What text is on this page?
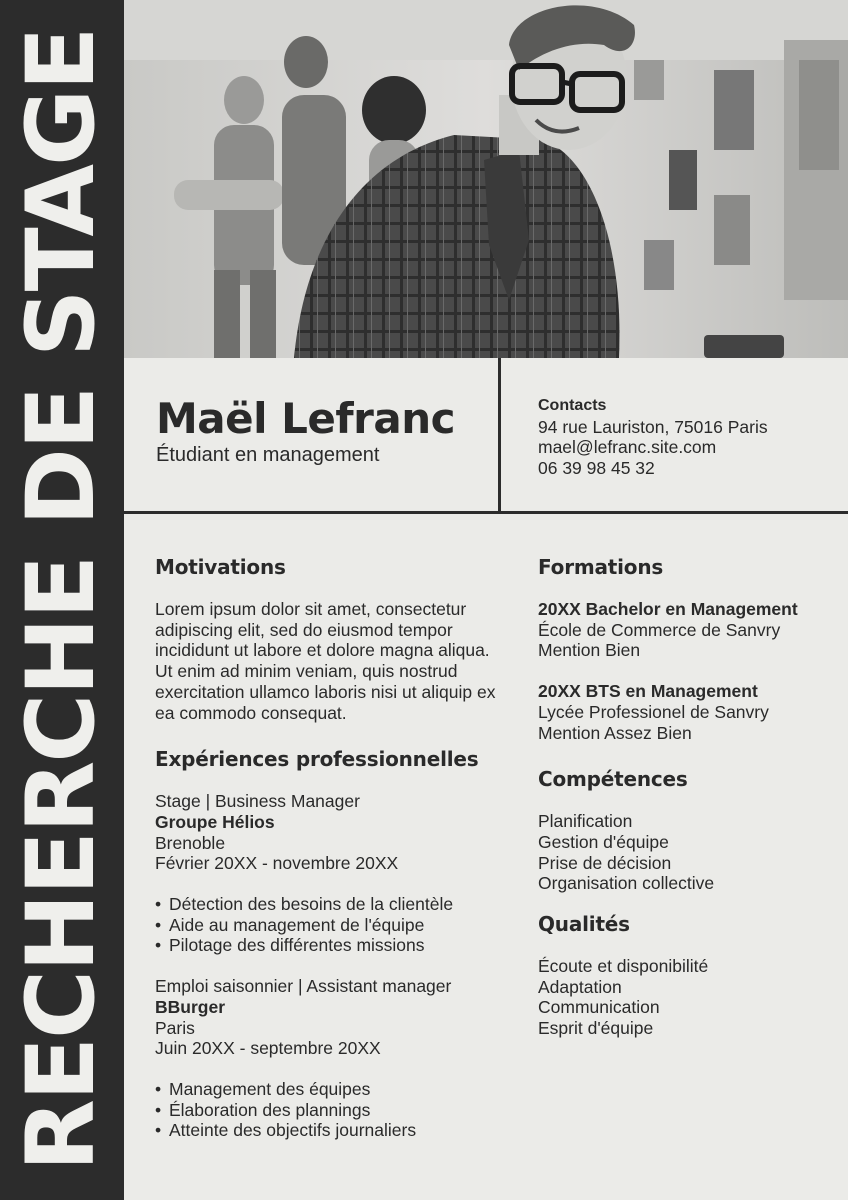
RECHERCHE DE STAGE Maël Lefranc
Étudiant en management
Contacts
94 rue Lauriston, 75016 Paris
mael@lefranc.site.com
06 39 98 45 32
Motivations

Lorem ipsum dolor sit amet, consectetur adipiscing elit, sed do eiusmod tempor incididunt ut labore et dolore magna aliqua. Ut enim ad minim veniam, quis nostrud exercitation ullamco laboris nisi ut aliquip ex ea commodo consequat.

Expériences professionnelles
Stage | Business Manager
Groupe Hélios
Brenoble
Février 20XX - novembre 20XX
• Détection des besoins de la clientèle
• Aide au management de l'équipe
• Pilotage des différentes missions
Emploi saisonnier | Assistant manager
BBurger
Paris
Juin 20XX - septembre 20XX
• Management des équipes
• Élaboration des plannings
• Atteinte des objectifs journaliers
Formations
20XX Bachelor en Management
École de Commerce de Sanvry
Mention Bien
20XX BTS en Management
Lycée Professionel de Sanvry
Mention Assez Bien
Compétences
Planification
Gestion d'équipe
Prise de décision
Organisation collective
Qualités
Écoute et disponibilité
Adaptation
Communication
Esprit d'équipe
